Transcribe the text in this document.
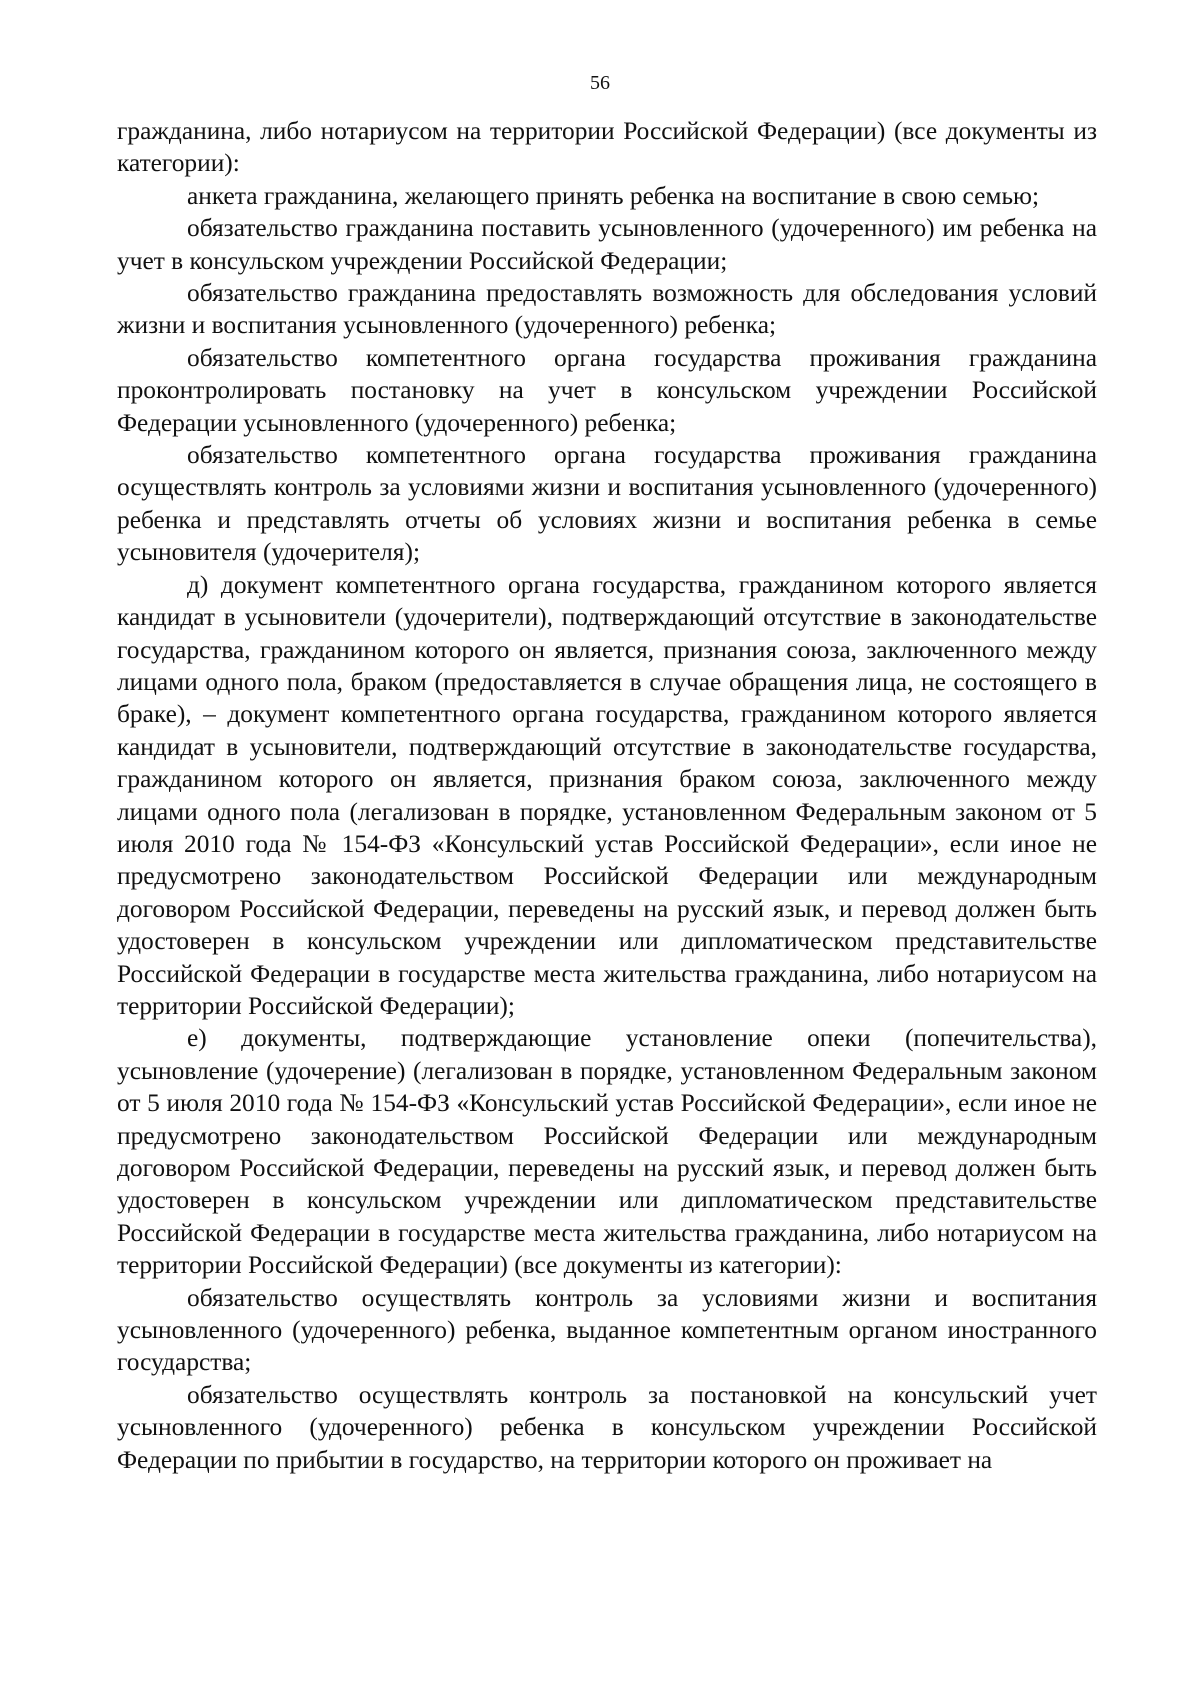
56

гражданина, либо нотариусом на территории Российской Федерации) (все документы из категории):

анкета гражданина, желающего принять ребенка на воспитание в свою семью;

обязательство гражданина поставить усыновленного (удочеренного) им ребенка на учет в консульском учреждении Российской Федерации;

обязательство гражданина предоставлять возможность для обследования условий жизни и воспитания усыновленного (удочеренного) ребенка;

обязательство компетентного органа государства проживания гражданина проконтролировать постановку на учет в консульском учреждении Российской Федерации усыновленного (удочеренного) ребенка;

обязательство компетентного органа государства проживания гражданина осуществлять контроль за условиями жизни и воспитания усыновленного (удочеренного) ребенка и представлять отчеты об условиях жизни и воспитания ребенка в семье усыновителя (удочерителя);

д) документ компетентного органа государства, гражданином которого является кандидат в усыновители (удочерители), подтверждающий отсутствие в законодательстве государства, гражданином которого он является, признания союза, заключенного между лицами одного пола, браком (предоставляется в случае обращения лица, не состоящего в браке), – документ компетентного органа государства, гражданином которого является кандидат в усыновители, подтверждающий отсутствие в законодательстве государства, гражданином которого он является, признания браком союза, заключенного между лицами одного пола (легализован в порядке, установленном Федеральным законом от 5 июля 2010 года № 154-ФЗ «Консульский устав Российской Федерации», если иное не предусмотрено законодательством Российской Федерации или международным договором Российской Федерации, переведены на русский язык, и перевод должен быть удостоверен в консульском учреждении или дипломатическом представительстве Российской Федерации в государстве места жительства гражданина, либо нотариусом на территории Российской Федерации);

е) документы, подтверждающие установление опеки (попечительства), усыновление (удочерение) (легализован в порядке, установленном Федеральным законом от 5 июля 2010 года № 154-ФЗ «Консульский устав Российской Федерации», если иное не предусмотрено законодательством Российской Федерации или международным договором Российской Федерации, переведены на русский язык, и перевод должен быть удостоверен в консульском учреждении или дипломатическом представительстве Российской Федерации в государстве места жительства гражданина, либо нотариусом на территории Российской Федерации) (все документы из категории):

обязательство осуществлять контроль за условиями жизни и воспитания усыновленного (удочеренного) ребенка, выданное компетентным органом иностранного государства;

обязательство осуществлять контроль за постановкой на консульский учет усыновленного (удочеренного) ребенка в консульском учреждении Российской Федерации по прибытии в государство, на территории которого он проживает на
